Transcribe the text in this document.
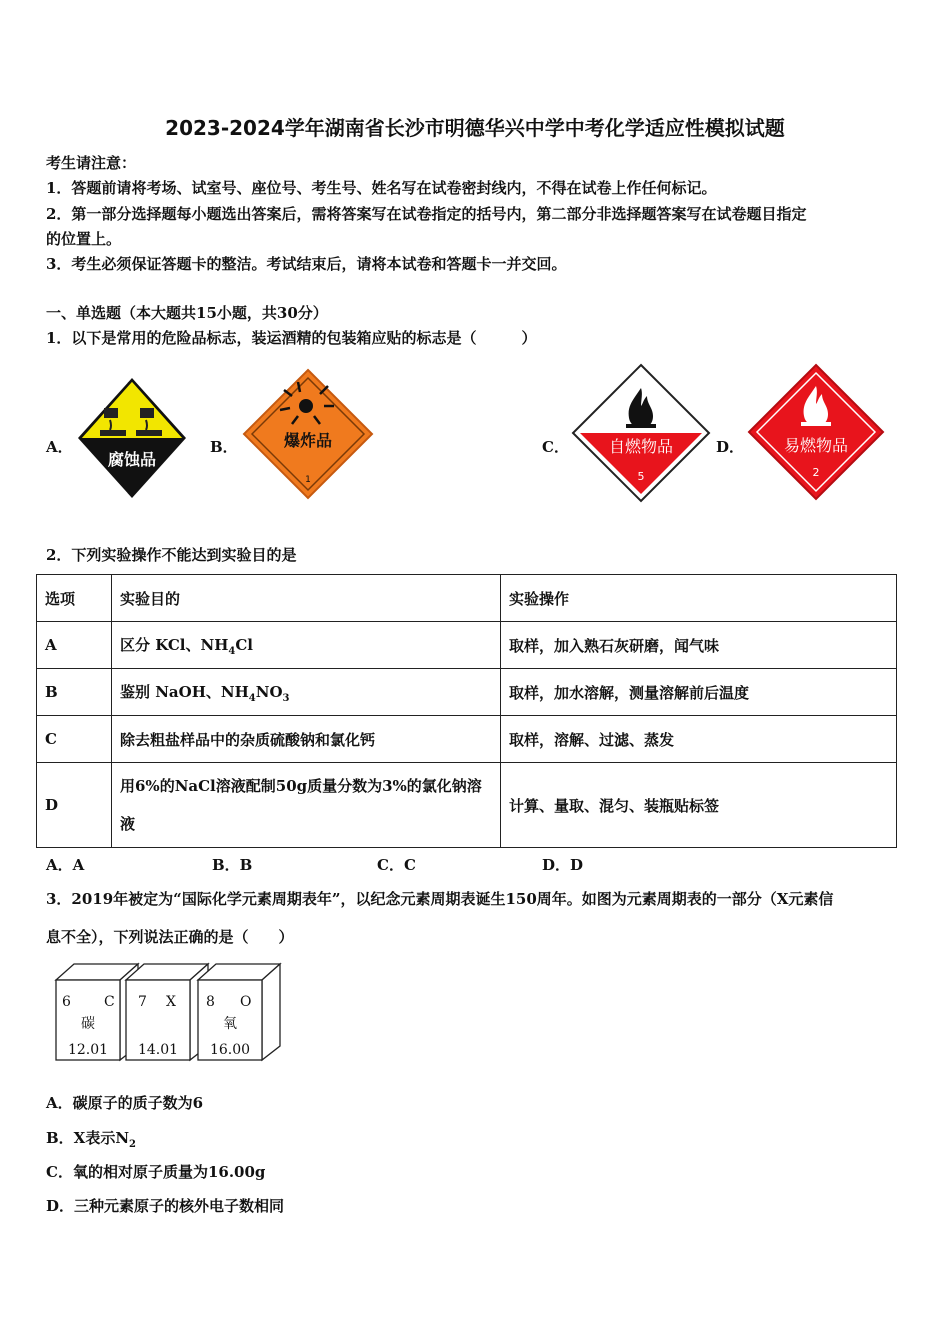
2023-2024学年湖南省长沙市明德华兴中学中考化学适应性模拟试题
考生请注意：
1．答题前请将考场、试室号、座位号、考生号、姓名写在试卷密封线内，不得在试卷上作任何标记。
2．第一部分选择题每小题选出答案后，需将答案写在试卷指定的括号内，第二部分非选择题答案写在试卷题目指定
的位置上。
3．考生必须保证答题卡的整洁。考试结束后，请将本试卷和答题卡一并交回。
一、单选题（本大题共15小题，共30分）
1．以下是常用的危险品标志，装运酒精的包装箱应贴的标志是（　　　）
A．
腐蚀品
B．	爆炸品
1
C．	自燃物品
5
D． 易燃物品
2
2．下列实验操作不能达到实验目的是
选项	实验目的	实验操作
A	区分 KCl、$NH_4Cl$	取样，加入熟石灰研磨，闻气味
B	鉴别 NaOH、$NH_4NO_3$	取样，加水溶解，测量溶解前后温度
C	除去粗盐样品中的杂质硫酸钠和氯化钙	取样，溶解、过滤、蒸发
D	用6%的NaCl溶液配制50g质量分数为3%的氯化钠溶液	计算、量取、混匀、装瓶贴标签
A．A	B．B	C．C	D．D
3．2019年被定为“国际化学元素周期表年”，以纪念元素周期表诞生150周年。如图为元素周期表的一部分（X元素信
息不全），下列说法正确的是（　　）
6 C
碳
12.01
7 X
14.01
8 O
氧
16.00
A．碳原子的质子数为6
B．X表示$N_2$
C．氧的相对原子质量为16.00g
D．三种元素原子的核外电子数相同
